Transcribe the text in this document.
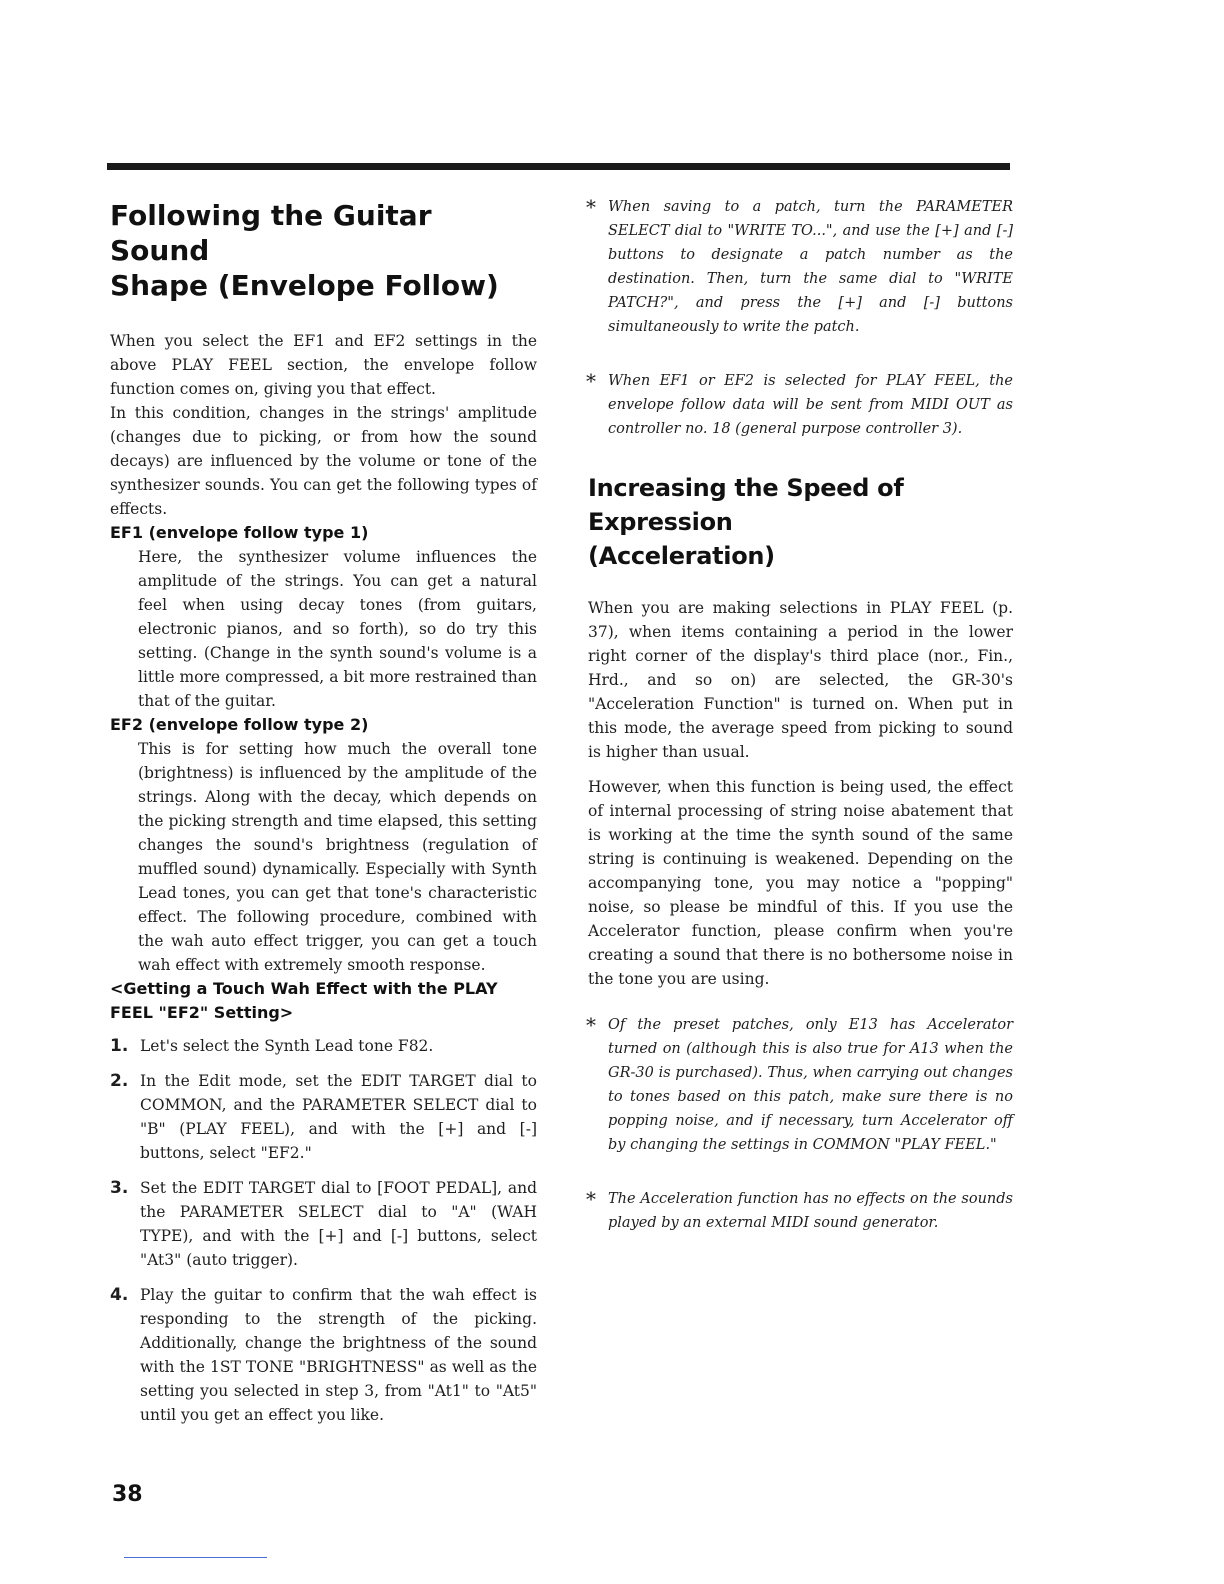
Following the Guitar Sound
Shape (Envelope Follow)

When you select the EF1 and EF2 settings in the above PLAY FEEL section, the envelope follow function comes on, giving you that effect.

In this condition, changes in the strings' amplitude (changes due to picking, or from how the sound decays) are influenced by the volume or tone of the synthesizer sounds. You can get the following types of effects.

EF1 (envelope follow type 1)

Here, the synthesizer volume influences the amplitude of the strings. You can get a natural feel when using decay tones (from guitars, electronic pianos, and so forth), so do try this setting. (Change in the synth sound's volume is a little more compressed, a bit more restrained than that of the guitar.

EF2 (envelope follow type 2)

This is for setting how much the overall tone (brightness) is influenced by the amplitude of the strings. Along with the decay, which depends on the picking strength and time elapsed, this setting changes the sound's brightness (regulation of muffled sound) dynamically. Especially with Synth Lead tones, you can get that tone's characteristic effect. The following procedure, combined with the wah auto effect trigger, you can get a touch wah effect with extremely smooth response.

<Getting a Touch Wah Effect with the PLAY
FEEL "EF2" Setting>
1. Let's select the Synth Lead tone F82.

2. In the Edit mode, set the EDIT TARGET dial to COMMON, and the PARAMETER SELECT dial to "B" (PLAY FEEL), and with the [+] and [-] buttons, select "EF2."

3. Set the EDIT TARGET dial to [FOOT PEDAL], and the PARAMETER SELECT dial to "A" (WAH TYPE), and with the [+] and [-] buttons, select "At3" (auto trigger).

4. Play the guitar to confirm that the wah effect is responding to the strength of the picking. Additionally, change the brightness of the sound with the 1ST TONE "BRIGHTNESS" as well as the setting you selected in step 3, from "At1" to "At5" until you get an effect you like.

* When saving to a patch, turn the PARAMETER SELECT dial to "WRITE TO...", and use the [+] and [-] buttons to designate a patch number as the destination. Then, turn the same dial to "WRITE PATCH?", and press the [+] and [-] buttons simultaneously to write the patch.

* When EF1 or EF2 is selected for PLAY FEEL, the envelope follow data will be sent from MIDI OUT as controller no. 18 (general purpose controller 3).

Increasing the Speed of Expression
(Acceleration)

When you are making selections in PLAY FEEL (p. 37), when items containing a period in the lower right corner of the display's third place (nor., Fin., Hrd., and so on) are selected, the GR-30's "Acceleration Function" is turned on. When put in this mode, the average speed from picking to sound is higher than usual.

However, when this function is being used, the effect of internal processing of string noise abatement that is working at the time the synth sound of the same string is continuing is weakened. Depending on the accompanying tone, you may notice a "popping" noise, so please be mindful of this. If you use the Accelerator function, please confirm when you're creating a sound that there is no bothersome noise in the tone you are using.

* Of the preset patches, only E13 has Accelerator turned on (although this is also true for A13 when the GR-30 is purchased). Thus, when carrying out changes to tones based on this patch, make sure there is no popping noise, and if necessary, turn Accelerator off by changing the settings in COMMON "PLAY FEEL."

* The Acceleration function has no effects on the sounds played by an external MIDI sound generator.

38
